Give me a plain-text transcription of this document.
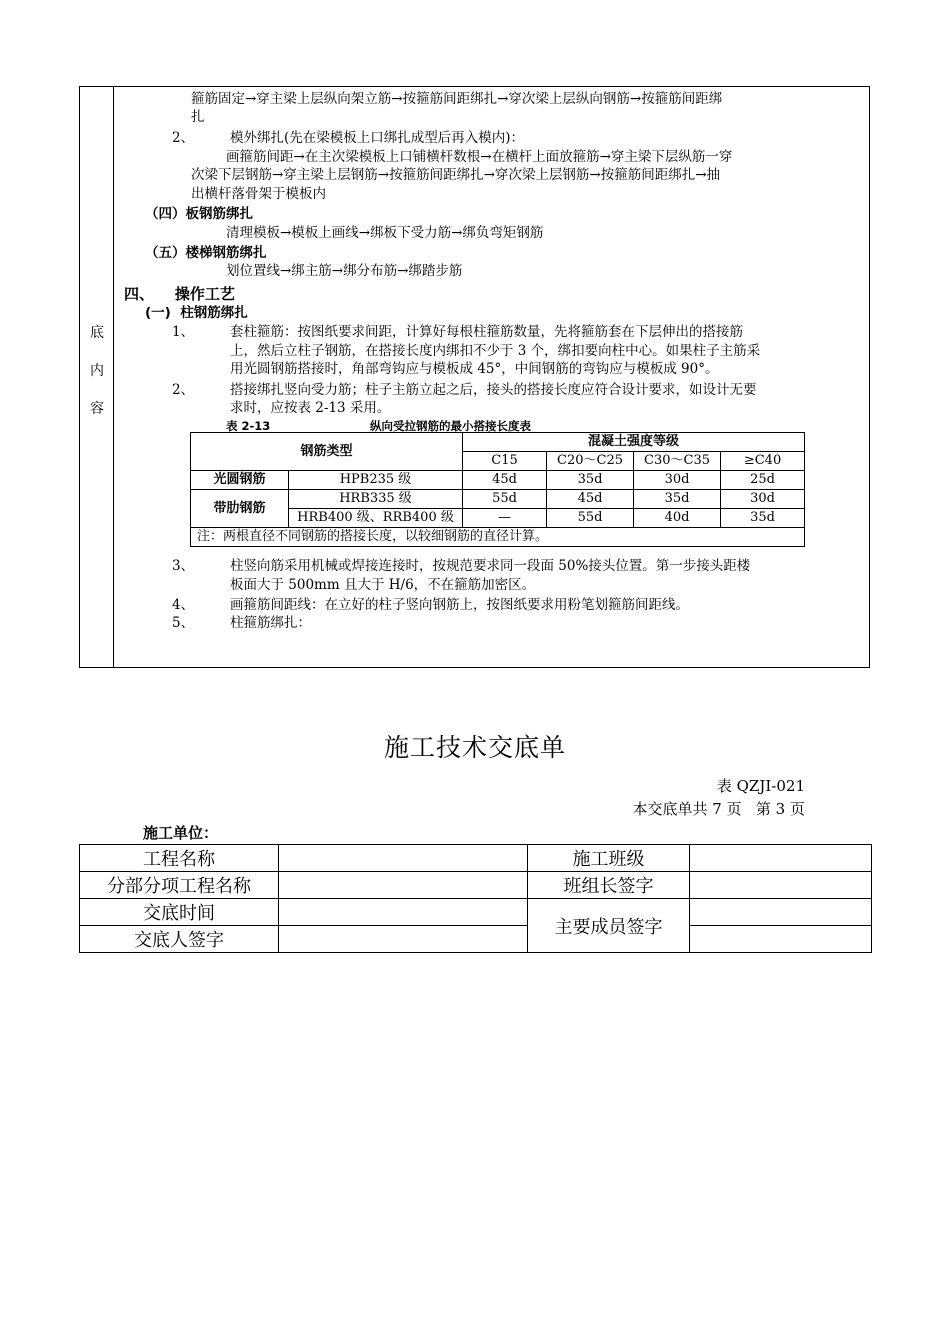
底
内
容
箍筋固定→穿主梁上层纵向架立筋→按箍筋间距绑扎→穿次梁上层纵向钢筋→按箍筋间距绑
扎
2、	模外绑扎(先在梁模板上口绑扎成型后再入模内)：
画箍筋间距→在主次梁模板上口铺横杆数根→在横杆上面放箍筋→穿主梁下层纵筋一穿
次梁下层钢筋→穿主梁上层钢筋→按箍筋间距绑扎→穿次梁上层钢筋→按箍筋间距绑扎→抽
出横杆落骨架于模板内
（四）板钢筋绑扎
清理模板→模板上画线→绑板下受力筋→绑负弯矩钢筋
（五）楼梯钢筋绑扎
划位置线→绑主筋→绑分布筋→绑踏步筋
四、    操作工艺
(一)  柱钢筋绑扎
1、	套柱箍筋：按图纸要求间距，计算好每根柱箍筋数量，先将箍筋套在下层伸出的搭接筋
上，然后立柱子钢筋，在搭接长度内绑扣不少于 3 个，绑扣要向柱中心。如果柱子主筋采
用光圆钢筋搭接时，角部弯钩应与模板成 45°，中间钢筋的弯钩应与模板成 90°。
2、	搭接绑扎竖向受力筋；柱子主筋立起之后，接头的搭接长度应符合设计要求，如设计无要
求时，应按表 2-13 采用。
表 2-13	纵向受拉钢筋的最小搭接长度表
钢筋类型		混凝土强度等级			
		C15	C20～C25	C30～C35	≥C40
光圆钢筋	HPB235 级	45d	35d	30d	25d
带肋钢筋	HRB335 级	55d	45d	35d	30d
	HRB400 级、RRB400 级	—	55d	40d	35d
注：两根直径不同钢筋的搭接长度，以较细钢筋的直径计算。					
3、	柱竖向筋采用机械或焊接连接时，按规范要求同一段面 50%接头位置。第一步接头距楼
板面大于 500mm 且大于 H/6，不在箍筋加密区。
4、	画箍筋间距线：在立好的柱子竖向钢筋上，按图纸要求用粉笔划箍筋间距线。
5、	柱箍筋绑扎：
施工技术交底单
表 QZJI-021
本交底单共 7 页   第 3 页
施工单位：
工程名称		施工班级	
分部分项工程名称		班组长签字	
交底时间		主要成员签字	
交底人签字			
